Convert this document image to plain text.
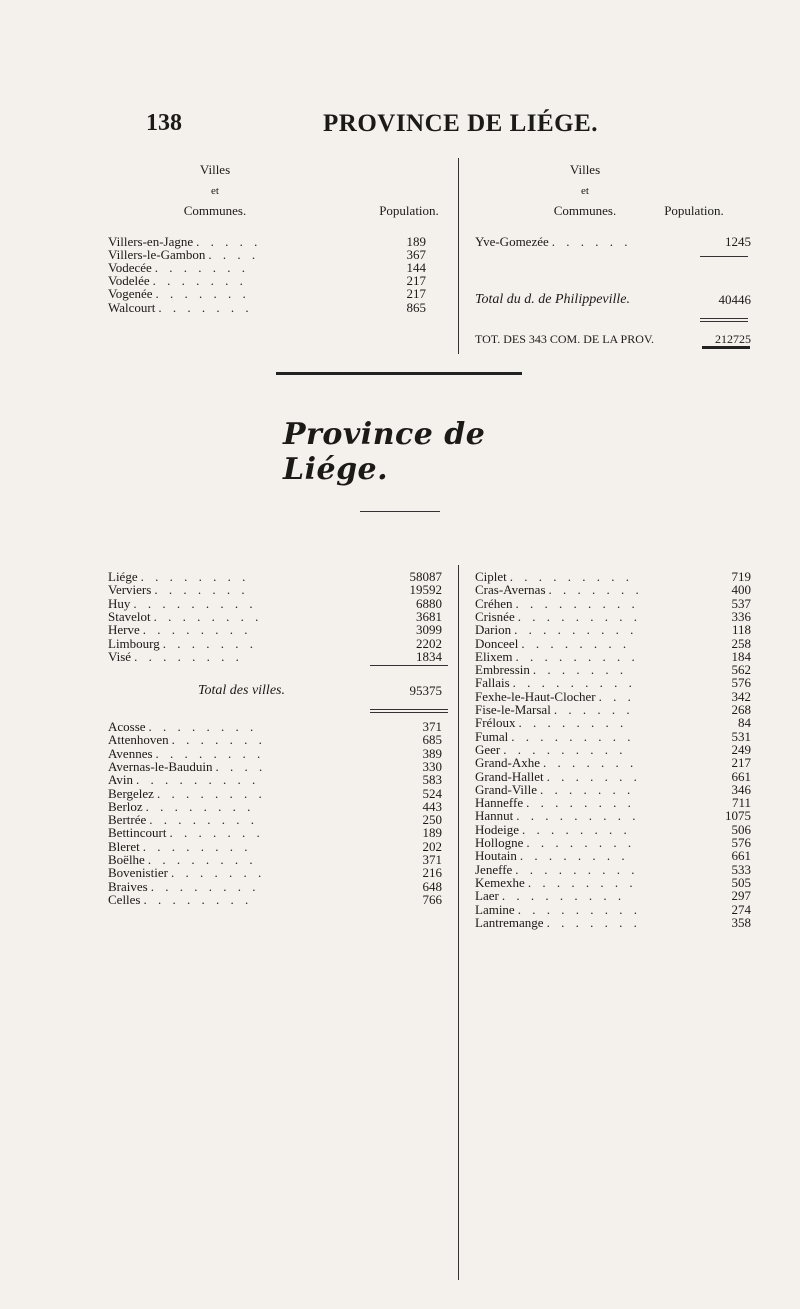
138	PROVINCE DE LIÉGE.
Villes
et
Communes.	Population.
Villes
et
Communes.	Population.
Villers-en-Jagne . . . . .	189
Villers-le-Gambon . . . .	367
Vodecée . . . . . . .	144
Vodelée . . . . . . .	217
Vogenée . . . . . . .	217
Walcourt . . . . . . .	865
Yve-Gomezée . . . . . .	1245
Total du d. de Philippeville.	40446
TOT. DES 343 COM. DE LA PROV.	212725
Province de Liége.
Liége . . . . . . . .	58087
Verviers . . . . . . .	19592
Huy . . . . . . . . .	6880
Stavelot . . . . . . . .	3681
Herve . . . . . . . .	3099
Limbourg . . . . . . .	2202
Visé . . . . . . . .	1834
Total des villes.	95375
Acosse . . . . . . . .	371
Attenhoven . . . . . . .	685
Avennes . . . . . . . .	389
Avernas-le-Bauduin . . . .	330
Avin . . . . . . . . .	583
Bergelez . . . . . . . .	524
Berloz . . . . . . . .	443
Bertrée . . . . . . . .	250
Bettincourt . . . . . . .	189
Bleret . . . . . . . .	202
Boëlhe . . . . . . . .	371
Bovenistier . . . . . . .	216
Braives . . . . . . . .	648
Celles . . . . . . . .	766
Ciplet . . . . . . . . .	719
Cras-Avernas . . . . . . .	400
Créhen . . . . . . . . .	537
Crisnée . . . . . . . . .	336
Darion . . . . . . . . .	118
Donceel . . . . . . . .	258
Elixem . . . . . . . . .	184
Embressin . . . . . . .	562
Fallais . . . . . . . . .	576
Fexhe-le-Haut-Clocher . . .	342
Fise-le-Marsal . . . . . .	268
Fréloux . . . . . . . .	84
Fumal . . . . . . . . .	531
Geer . . . . . . . . .	249
Grand-Axhe . . . . . . .	217
Grand-Hallet . . . . . . .	661
Grand-Ville . . . . . . .	346
Hanneffe . . . . . . . .	711
Hannut . . . . . . . . .	1075
Hodeige . . . . . . . .	506
Hollogne . . . . . . . .	576
Houtain . . . . . . . .	661
Jeneffe . . . . . . . . .	533
Kemexhe . . . . . . . .	505
Laer . . . . . . . . .	297
Lamine . . . . . . . . .	274
Lantremange . . . . . . .	358
